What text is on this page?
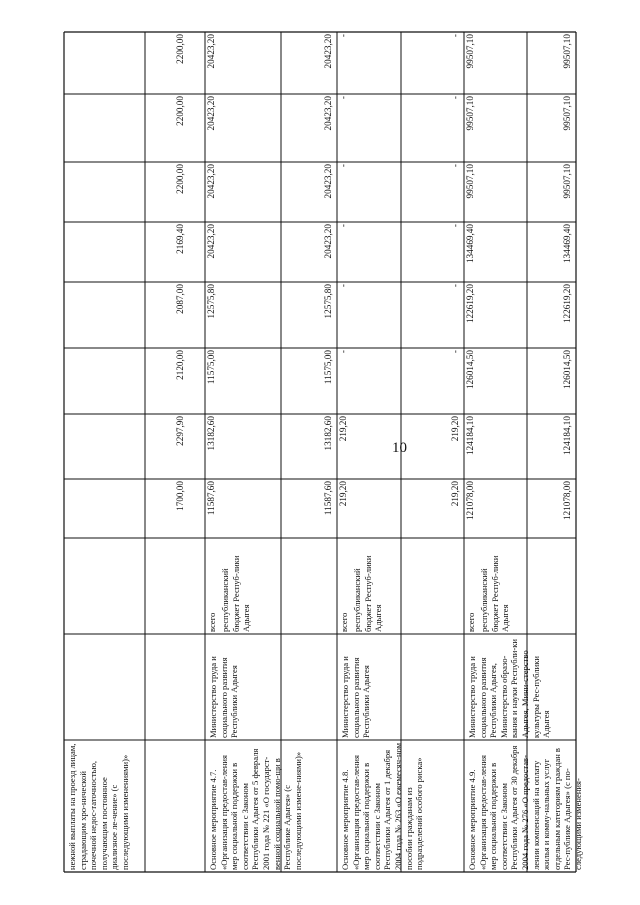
10
нежной выплаты на проезд лицам, страдающим хро-нической почечной недос-таточностью, получающим постоянное диализное ле-чение» (с последующими изменениями)»
1700,00
2297,90
2120,00
2087,00
2169,40
2200,00
2200,00
2200,00
Основное мероприятие 4.7. «Организация предостав-ления мер социальной поддержки в соответствии с Законом Республики Адыгея от 5 февраля 2001 года № 221 «О государст-венной социальной помо-щи в Республике Адыгея» (с последующими измене-ниями)»
Министерство труда и социального развития Республики Адыгея
всего республиканский бюджет Респуб-лики Адыгея
11587,60
13182,60
11575,00
12575,80
20423,20
20423,20
20423,20
20423,20
11587,60
13182,60
11575,00
12575,80
20423,20
20423,20
20423,20
20423,20
Основное мероприятие 4.8. «Организация предостав-ления мер социальной поддержки в соответствии с Законом Республики Адыгея от 1 декабря 2004 года № 263 «О ежемесяч-ном пособии гражданам из подразделений особого риска»
Министерство труда и социального развития Республики Адыгея
всего республиканский бюджет Респуб-лики Адыгея
219,20
219,20
-
-
-
-
-
-
219,20
219,20
-
-
-
-
-
-
Основное мероприятие 4.9. «Организация предостав-ления мер социальной поддержки в соответствии с Законом Республики Адыгея от 30 декабря 2004 года № 276 «О предостав-лении компенсаций на оплату жилья и комму-нальных услуг отдельным категориям граждан в Рес-публике Адыгея» (с по-следующими изменения-
Министерство труда и социального развития Республики Адыгея, Министерство образо-вания и науки Республи-ки Адыгея, Мини-стерство культуры Рес-публики Адыгея
всего республиканский бюджет Респуб-лики Адыгея
121078,00
124184,10
126014,50
122619,20
134469,40
99507,10
99507,10
99507,10
121078,00
124184,10
126014,50
122619,20
134469,40
99507,10
99507,10
99507,10
